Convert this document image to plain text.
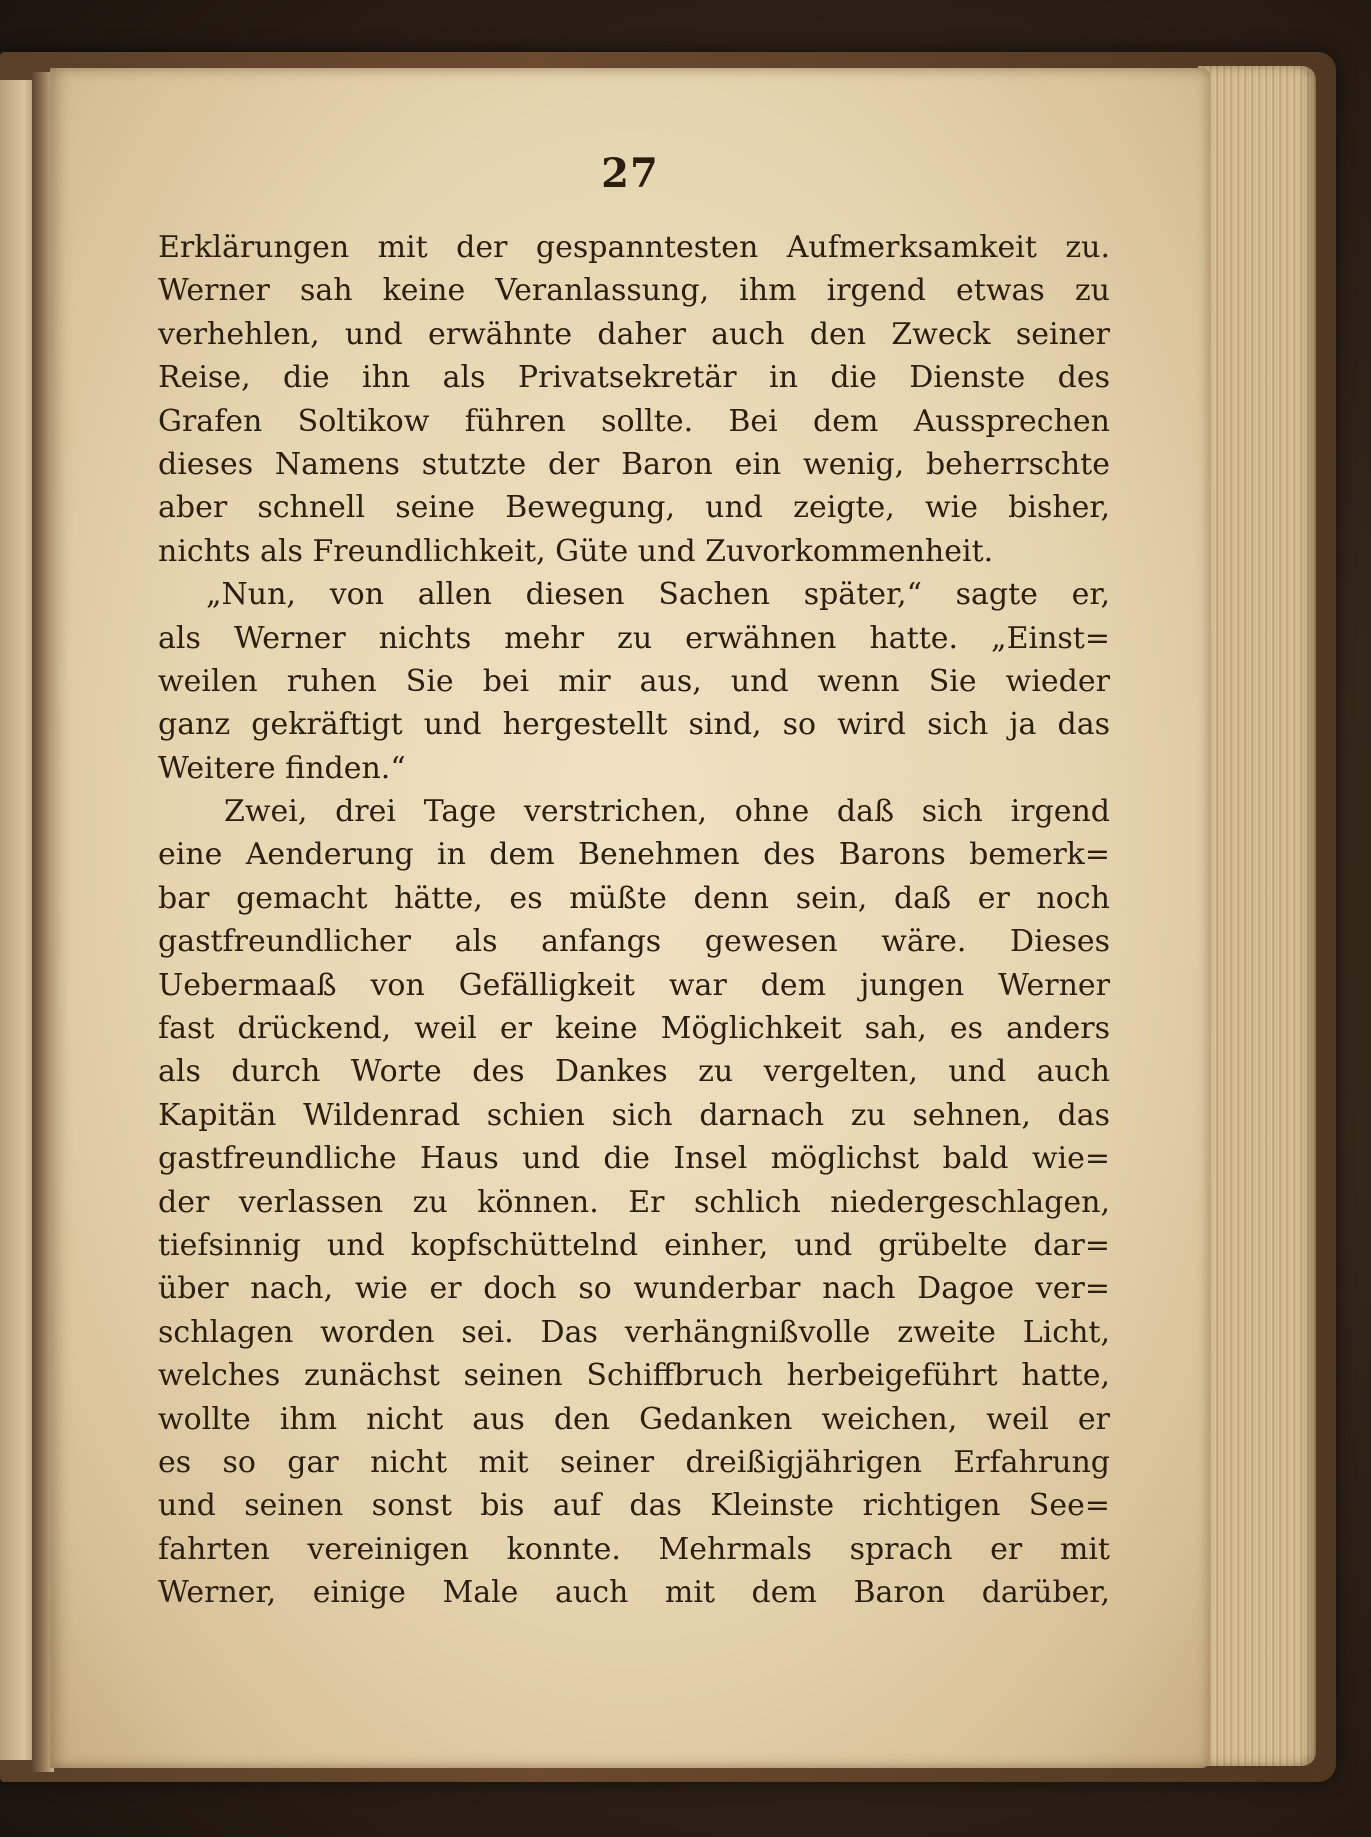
27
Erklärungen mit der gespanntesten Aufmerksamkeit zu.
Werner sah keine Veranlassung, ihm irgend etwas zu
verhehlen, und erwähnte daher auch den Zweck seiner
Reise, die ihn als Privatsekretär in die Dienste des
Grafen Soltikow führen sollte. Bei dem Aussprechen
dieses Namens stutzte der Baron ein wenig, beherrschte
aber schnell seine Bewegung, und zeigte, wie bisher,
nichts als Freundlichkeit, Güte und Zuvorkommenheit.
„Nun, von allen diesen Sachen später,“ sagte er,
als Werner nichts mehr zu erwähnen hatte. „Einst=
weilen ruhen Sie bei mir aus, und wenn Sie wieder
ganz gekräftigt und hergestellt sind, so wird sich ja das
Weitere finden.“
Zwei, drei Tage verstrichen, ohne daß sich irgend
eine Aenderung in dem Benehmen des Barons bemerk=
bar gemacht hätte, es müßte denn sein, daß er noch
gastfreundlicher als anfangs gewesen wäre. Dieses
Uebermaaß von Gefälligkeit war dem jungen Werner
fast drückend, weil er keine Möglichkeit sah, es anders
als durch Worte des Dankes zu vergelten, und auch
Kapitän Wildenrad schien sich darnach zu sehnen, das
gastfreundliche Haus und die Insel möglichst bald wie=
der verlassen zu können. Er schlich niedergeschlagen,
tiefsinnig und kopfschüttelnd einher, und grübelte dar=
über nach, wie er doch so wunderbar nach Dagoe ver=
schlagen worden sei. Das verhängnißvolle zweite Licht,
welches zunächst seinen Schiffbruch herbeigeführt hatte,
wollte ihm nicht aus den Gedanken weichen, weil er
es so gar nicht mit seiner dreißigjährigen Erfahrung
und seinen sonst bis auf das Kleinste richtigen See=
fahrten vereinigen konnte. Mehrmals sprach er mit
Werner, einige Male auch mit dem Baron darüber,
